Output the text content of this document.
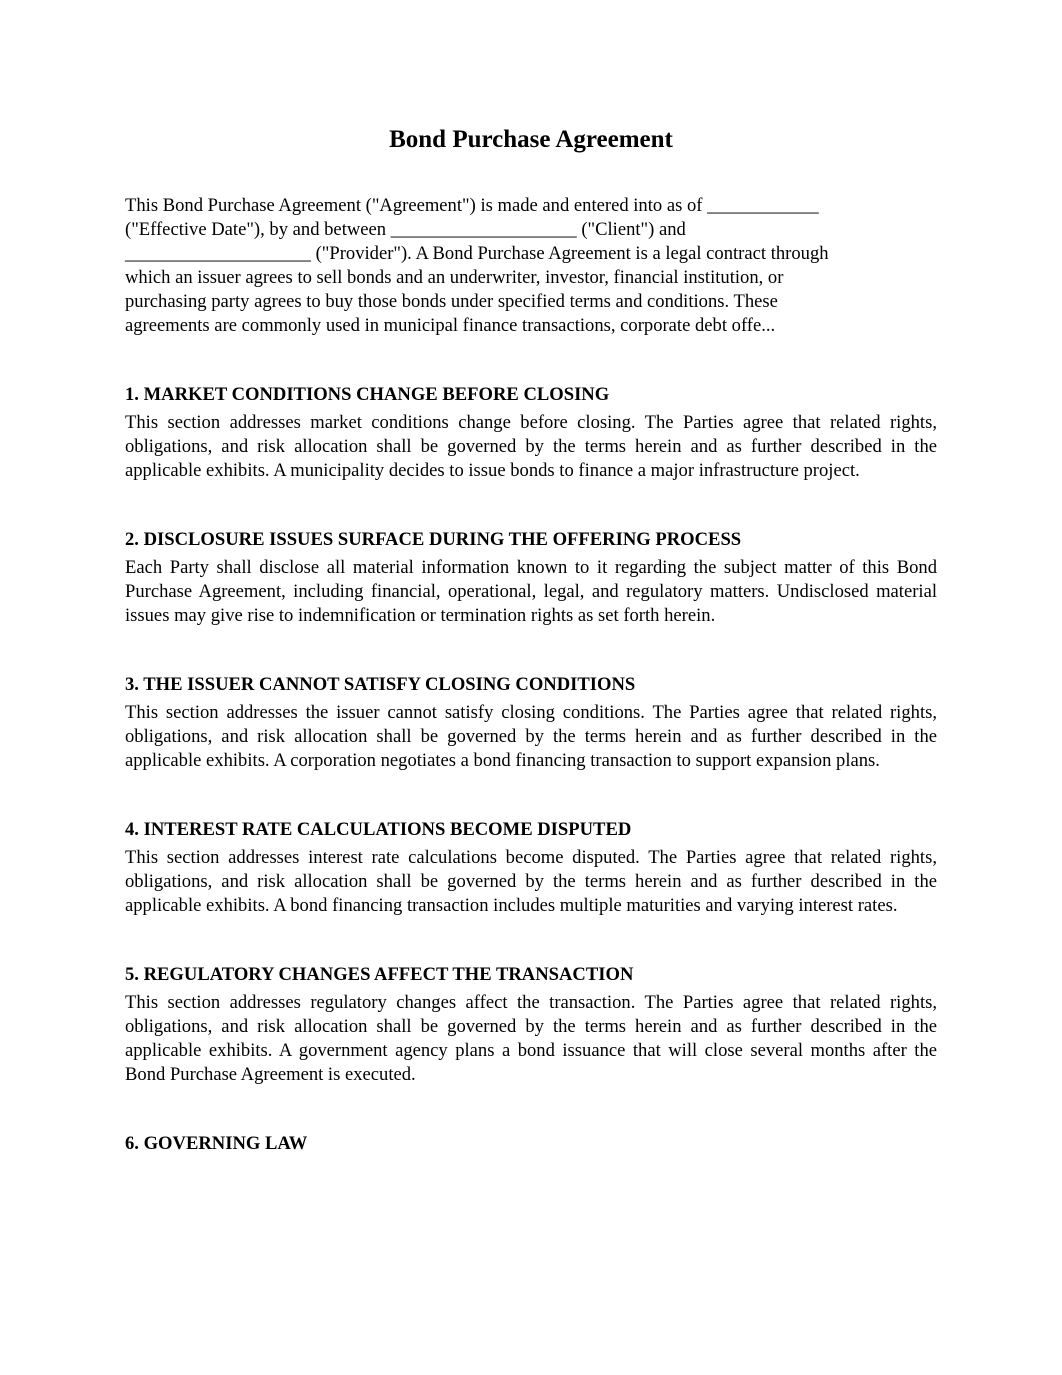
Bond Purchase Agreement

This Bond Purchase Agreement ("Agreement") is made and entered into as of ____________
("Effective Date"), by and between ____________________ ("Client") and
____________________ ("Provider"). A Bond Purchase Agreement is a legal contract through
which an issuer agrees to sell bonds and an underwriter, investor, financial institution, or
purchasing party agrees to buy those bonds under specified terms and conditions. These
agreements are commonly used in municipal finance transactions, corporate debt offe...

1. MARKET CONDITIONS CHANGE BEFORE CLOSING

This section addresses market conditions change before closing. The Parties agree that related rights, obligations, and risk allocation shall be governed by the terms herein and as further described in the applicable exhibits. A municipality decides to issue bonds to finance a major infrastructure project.

2. DISCLOSURE ISSUES SURFACE DURING THE OFFERING PROCESS

Each Party shall disclose all material information known to it regarding the subject matter of this Bond Purchase Agreement, including financial, operational, legal, and regulatory matters. Undisclosed material issues may give rise to indemnification or termination rights as set forth herein.

3. THE ISSUER CANNOT SATISFY CLOSING CONDITIONS

This section addresses the issuer cannot satisfy closing conditions. The Parties agree that related rights, obligations, and risk allocation shall be governed by the terms herein and as further described in the applicable exhibits. A corporation negotiates a bond financing transaction to support expansion plans.

4. INTEREST RATE CALCULATIONS BECOME DISPUTED

This section addresses interest rate calculations become disputed. The Parties agree that related rights, obligations, and risk allocation shall be governed by the terms herein and as further described in the applicable exhibits. A bond financing transaction includes multiple maturities and varying interest rates.

5. REGULATORY CHANGES AFFECT THE TRANSACTION

This section addresses regulatory changes affect the transaction. The Parties agree that related rights, obligations, and risk allocation shall be governed by the terms herein and as further described in the applicable exhibits. A government agency plans a bond issuance that will close several months after the Bond Purchase Agreement is executed.

6. GOVERNING LAW
